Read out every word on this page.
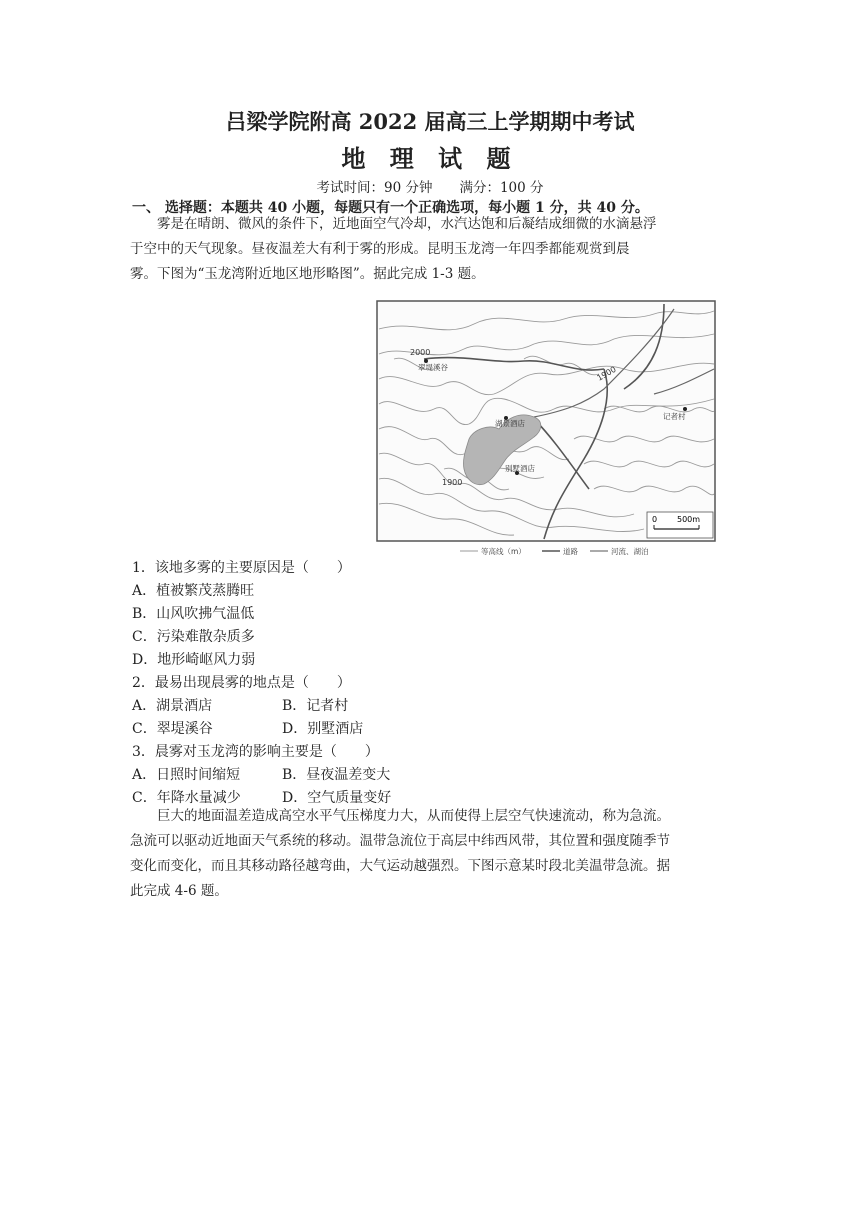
吕梁学院附高 2022 届高三上学期期中考试
地 理 试 题
考试时间：90 分钟　　满分：100 分
一、 选择题：本题共 40 小题，每题只有一个正确选项，每小题 1 分，共 40 分。
　　雾是在晴朗、微风的条件下，近地面空气冷却，水汽达饱和后凝结成细微的水滴悬浮
于空中的天气现象。昼夜温差大有利于雾的形成。昆明玉龙湾一年四季都能观赏到晨
雾。下图为“玉龙湾附近地区地形略图”。据此完成 1-3 题。
2000
1900
1900
翠堤溪谷
湖景酒店
别墅酒店
记者村
0 500m
等高线（m）	道路	河流、湖泊
1．该地多雾的主要原因是（　　）
A．植被繁茂蒸腾旺
B．山风吹拂气温低
C．污染难散杂质多
D．地形崎岖风力弱
2．最易出现晨雾的地点是（　　）
A．湖景酒店	B．记者村
C．翠堤溪谷	D．别墅酒店
3．晨雾对玉龙湾的影响主要是（　　）
A．日照时间缩短	B．昼夜温差变大
C．年降水量减少	D．空气质量变好
　　巨大的地面温差造成高空水平气压梯度力大，从而使得上层空气快速流动，称为急流。
急流可以驱动近地面天气系统的移动。温带急流位于高层中纬西风带，其位置和强度随季节
变化而变化，而且其移动路径越弯曲，大气运动越强烈。下图示意某时段北美温带急流。据
此完成 4-6 题。
